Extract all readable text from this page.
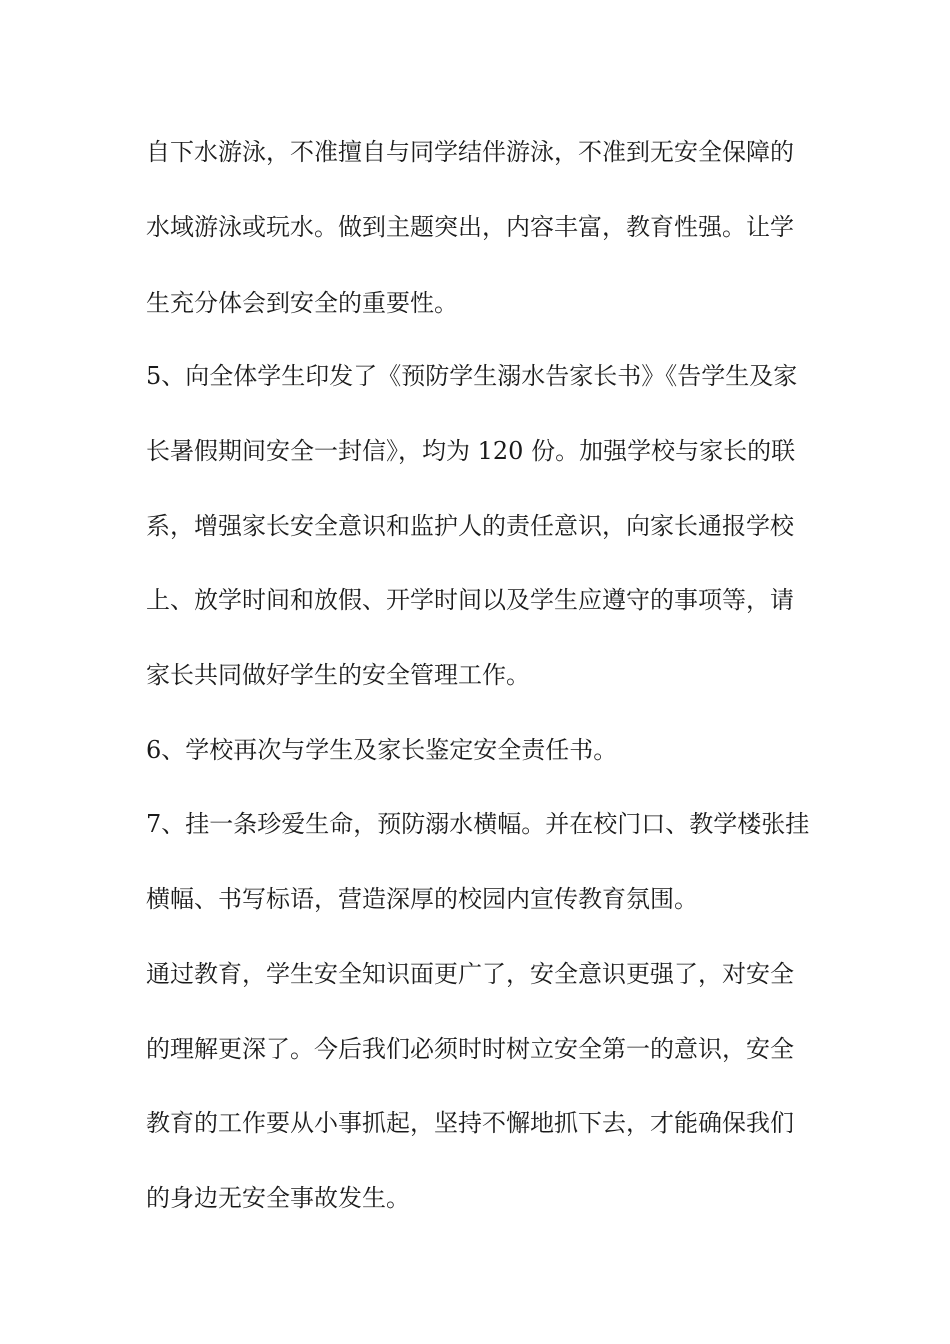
自下水游泳，不准擅自与同学结伴游泳，不准到无安全保障的
水域游泳或玩水。做到主题突出，内容丰富，教育性强。让学
生充分体会到安全的重要性。
5、向全体学生印发了《预防学生溺水告家长书》《告学生及家
长暑假期间安全一封信》，均为 120 份。加强学校与家长的联
系，增强家长安全意识和监护人的责任意识，向家长通报学校
上、放学时间和放假、开学时间以及学生应遵守的事项等，请
家长共同做好学生的安全管理工作。
6、学校再次与学生及家长鉴定安全责任书。
7、挂一条珍爱生命，预防溺水横幅。并在校门口、教学楼张挂
横幅、书写标语，营造深厚的校园内宣传教育氛围。
通过教育，学生安全知识面更广了，安全意识更强了，对安全
的理解更深了。今后我们必须时时树立安全第一的意识，安全
教育的工作要从小事抓起，坚持不懈地抓下去，才能确保我们
的身边无安全事故发生。
